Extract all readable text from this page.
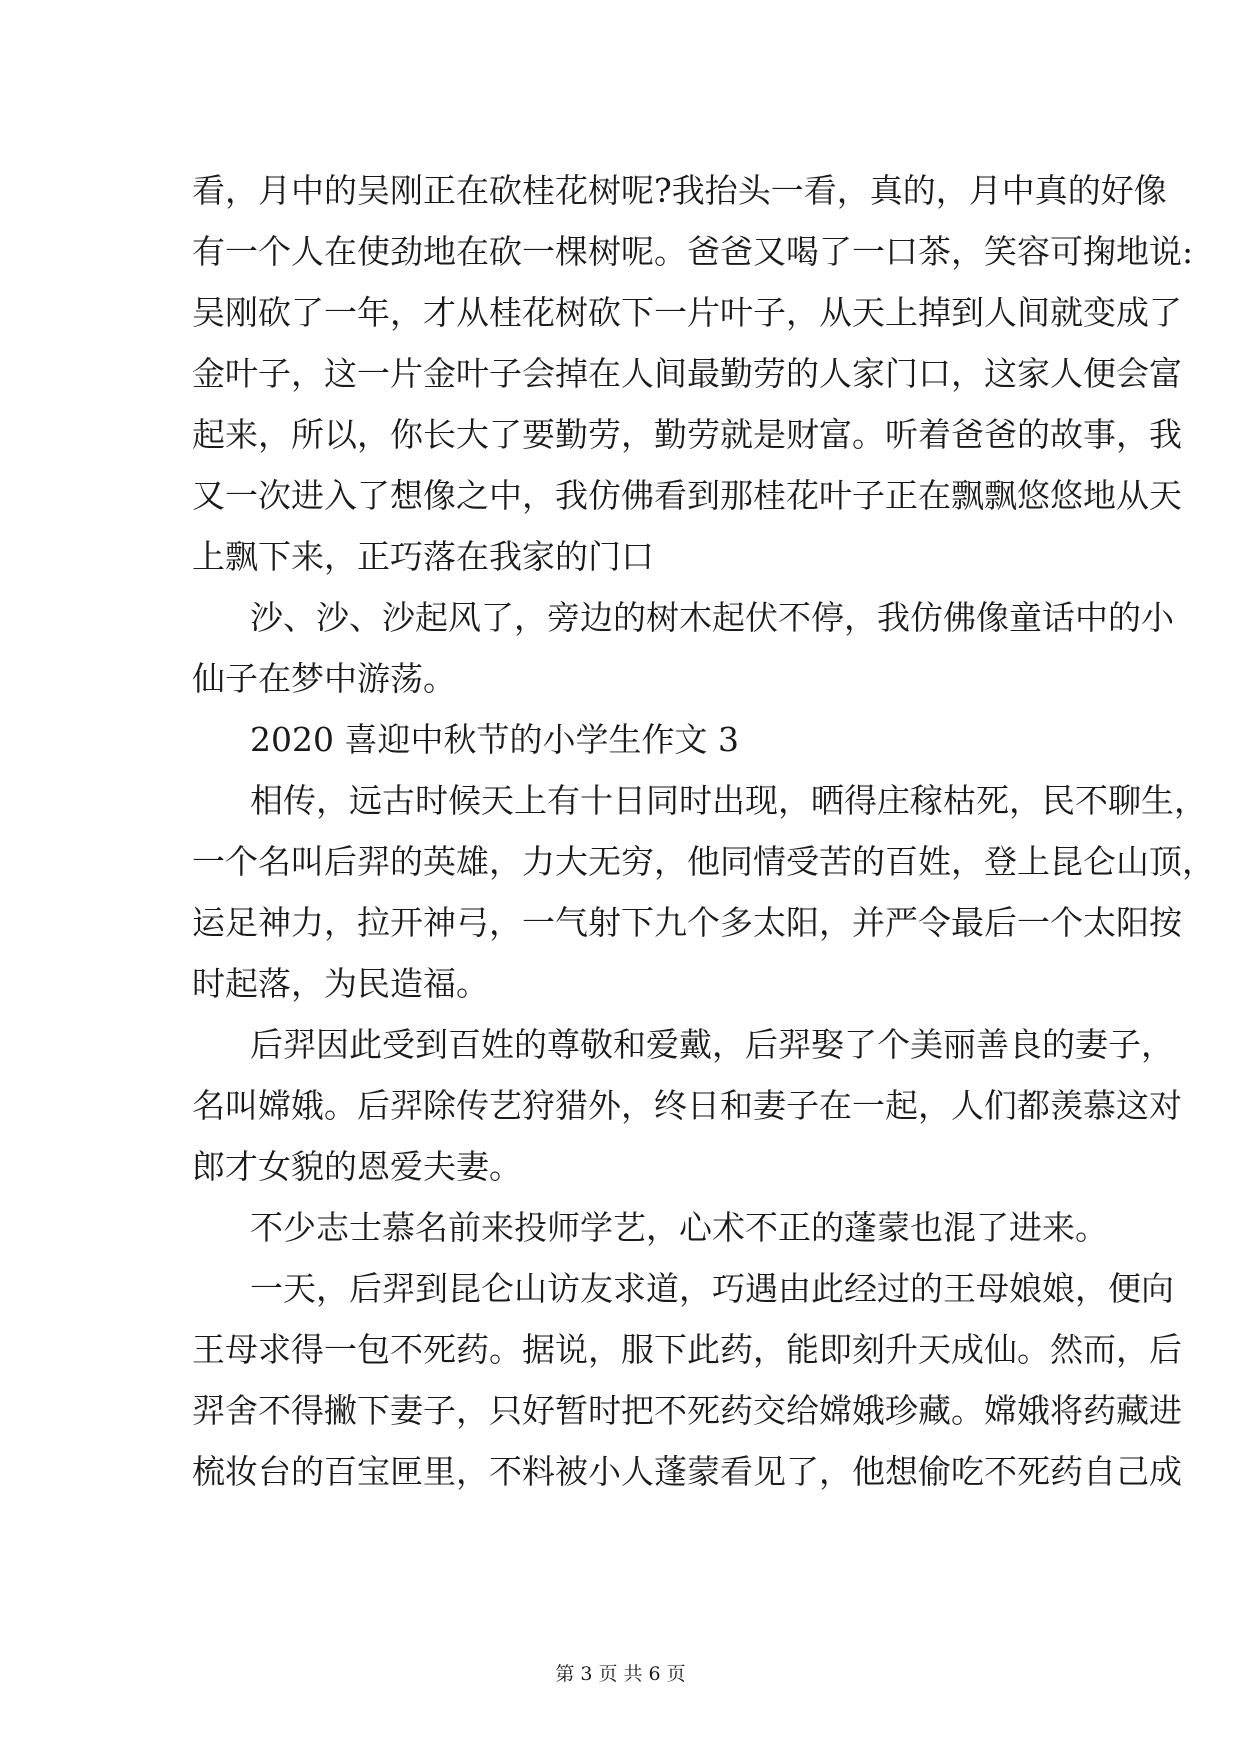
看，月中的吴刚正在砍桂花树呢?我抬头一看，真的，月中真的好像
有一个人在使劲地在砍一棵树呢。爸爸又喝了一口茶，笑容可掬地说:
吴刚砍了一年，才从桂花树砍下一片叶子，从天上掉到人间就变成了
金叶子，这一片金叶子会掉在人间最勤劳的人家门口，这家人便会富
起来，所以，你长大了要勤劳，勤劳就是财富。听着爸爸的故事，我
又一次进入了想像之中，我仿佛看到那桂花叶子正在飘飘悠悠地从天
上飘下来，正巧落在我家的门口
沙、沙、沙起风了，旁边的树木起伏不停，我仿佛像童话中的小
仙子在梦中游荡。
2020 喜迎中秋节的小学生作文 3
相传，远古时候天上有十日同时出现，晒得庄稼枯死，民不聊生，
一个名叫后羿的英雄，力大无穷，他同情受苦的百姓，登上昆仑山顶，
运足神力，拉开神弓，一气射下九个多太阳，并严令最后一个太阳按
时起落，为民造福。
后羿因此受到百姓的尊敬和爱戴，后羿娶了个美丽善良的妻子，
名叫嫦娥。后羿除传艺狩猎外，终日和妻子在一起，人们都羡慕这对
郎才女貌的恩爱夫妻。
不少志士慕名前来投师学艺，心术不正的蓬蒙也混了进来。
一天，后羿到昆仑山访友求道，巧遇由此经过的王母娘娘，便向
王母求得一包不死药。据说，服下此药，能即刻升天成仙。然而，后
羿舍不得撇下妻子，只好暂时把不死药交给嫦娥珍藏。嫦娥将药藏进
梳妆台的百宝匣里，不料被小人蓬蒙看见了，他想偷吃不死药自己成
第 3 页 共 6 页
